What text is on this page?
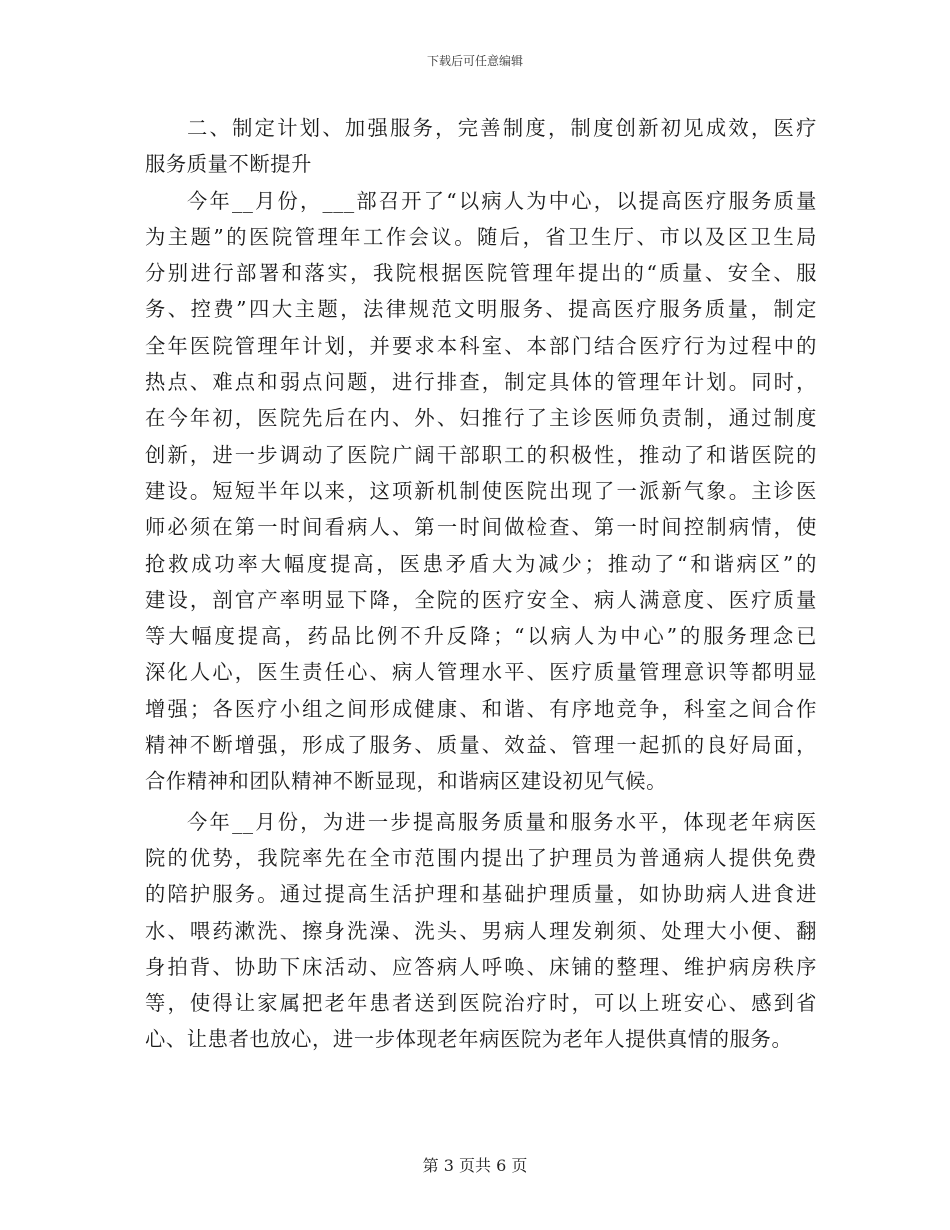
下载后可任意编辑
二、制定计划、加强服务，完善制度，制度创新初见成效，医疗
服务质量不断提升
今年__月份，___部召开了“以病人为中心，以提高医疗服务质量
为主题”的医院管理年工作会议。随后，省卫生厅、市以及区卫生局
分别进行部署和落实，我院根据医院管理年提出的“质量、安全、服
务、控费”四大主题，法律规范文明服务、提高医疗服务质量，制定
全年医院管理年计划，并要求本科室、本部门结合医疗行为过程中的
热点、难点和弱点问题，进行排查，制定具体的管理年计划。同时，
在今年初，医院先后在内、外、妇推行了主诊医师负责制，通过制度
创新，进一步调动了医院广阔干部职工的积极性，推动了和谐医院的
建设。短短半年以来，这项新机制使医院出现了一派新气象。主诊医
师必须在第一时间看病人、第一时间做检查、第一时间控制病情，使
抢救成功率大幅度提高，医患矛盾大为减少；推动了“和谐病区”的
建设，剖官产率明显下降，全院的医疗安全、病人满意度、医疗质量
等大幅度提高，药品比例不升反降；“以病人为中心”的服务理念已
深化人心，医生责任心、病人管理水平、医疗质量管理意识等都明显
增强；各医疗小组之间形成健康、和谐、有序地竞争，科室之间合作
精神不断增强，形成了服务、质量、效益、管理一起抓的良好局面，
合作精神和团队精神不断显现，和谐病区建设初见气候。
今年__月份，为进一步提高服务质量和服务水平，体现老年病医
院的优势，我院率先在全市范围内提出了护理员为普通病人提供免费
的陪护服务。通过提高生活护理和基础护理质量，如协助病人进食进
水、喂药漱洗、擦身洗澡、洗头、男病人理发剃须、处理大小便、翻
身拍背、协助下床活动、应答病人呼唤、床铺的整理、维护病房秩序
等，使得让家属把老年患者送到医院治疗时，可以上班安心、感到省
心、让患者也放心，进一步体现老年病医院为老年人提供真情的服务。
第 3 页共 6 页
